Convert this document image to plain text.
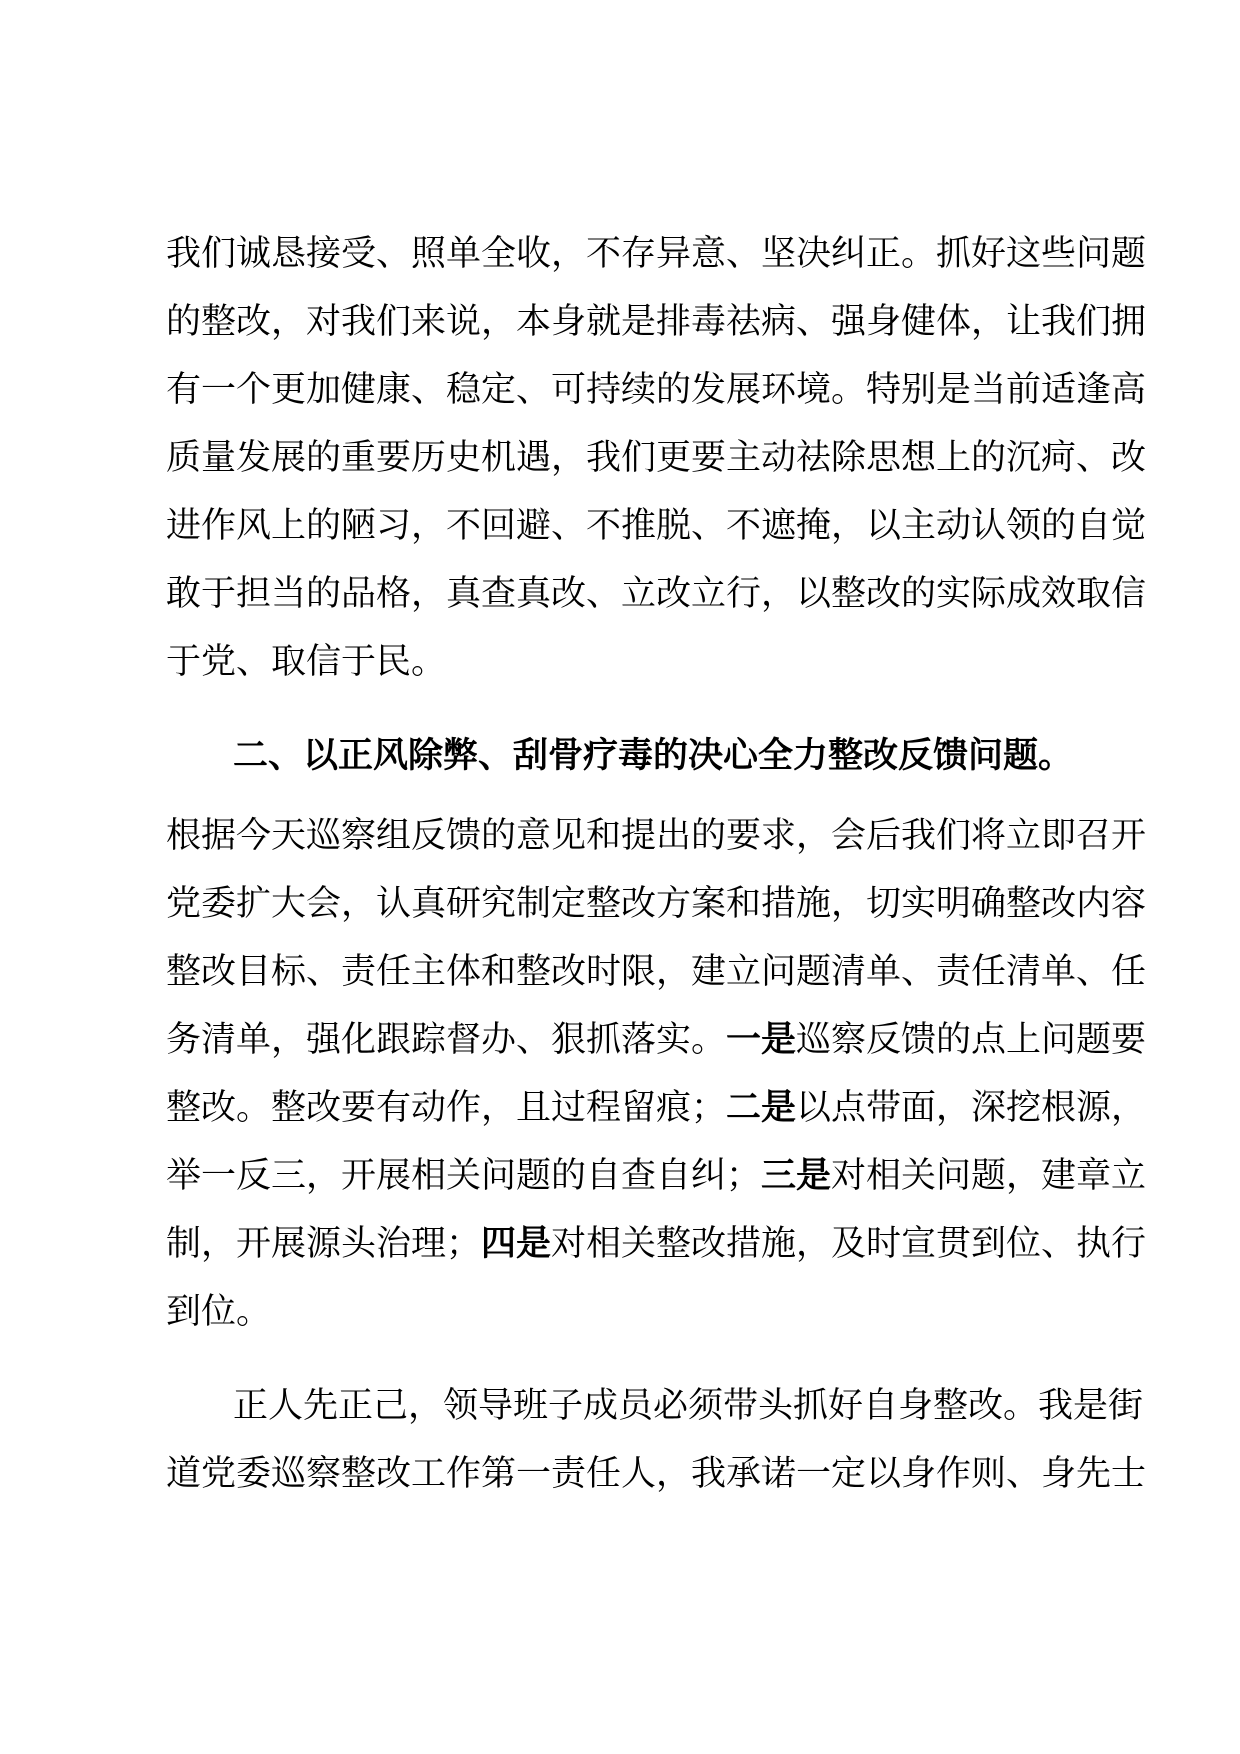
我们诚恳接受、照单全收，不存异意、坚决纠正。抓好这些问题
的整改，对我们来说，本身就是排毒祛病、强身健体，让我们拥
有一个更加健康、稳定、可持续的发展环境。特别是当前适逢高
质量发展的重要历史机遇，我们更要主动祛除思想上的沉疴、改
进作风上的陋习，不回避、不推脱、不遮掩，以主动认领的自觉
敢于担当的品格，真查真改、立改立行，以整改的实际成效取信
于党、取信于民。
二、以正风除弊、刮骨疗毒的决心全力整改反馈问题。
根据今天巡察组反馈的意见和提出的要求，会后我们将立即召开
党委扩大会，认真研究制定整改方案和措施，切实明确整改内容
整改目标、责任主体和整改时限，建立问题清单、责任清单、任
务清单，强化跟踪督办、狠抓落实。一是巡察反馈的点上问题要
整改。整改要有动作，且过程留痕；二是以点带面，深挖根源，
举一反三，开展相关问题的自查自纠；三是对相关问题，建章立
制，开展源头治理；四是对相关整改措施，及时宣贯到位、执行
到位。
正人先正己，领导班子成员必须带头抓好自身整改。我是街
道党委巡察整改工作第一责任人，我承诺一定以身作则、身先士
